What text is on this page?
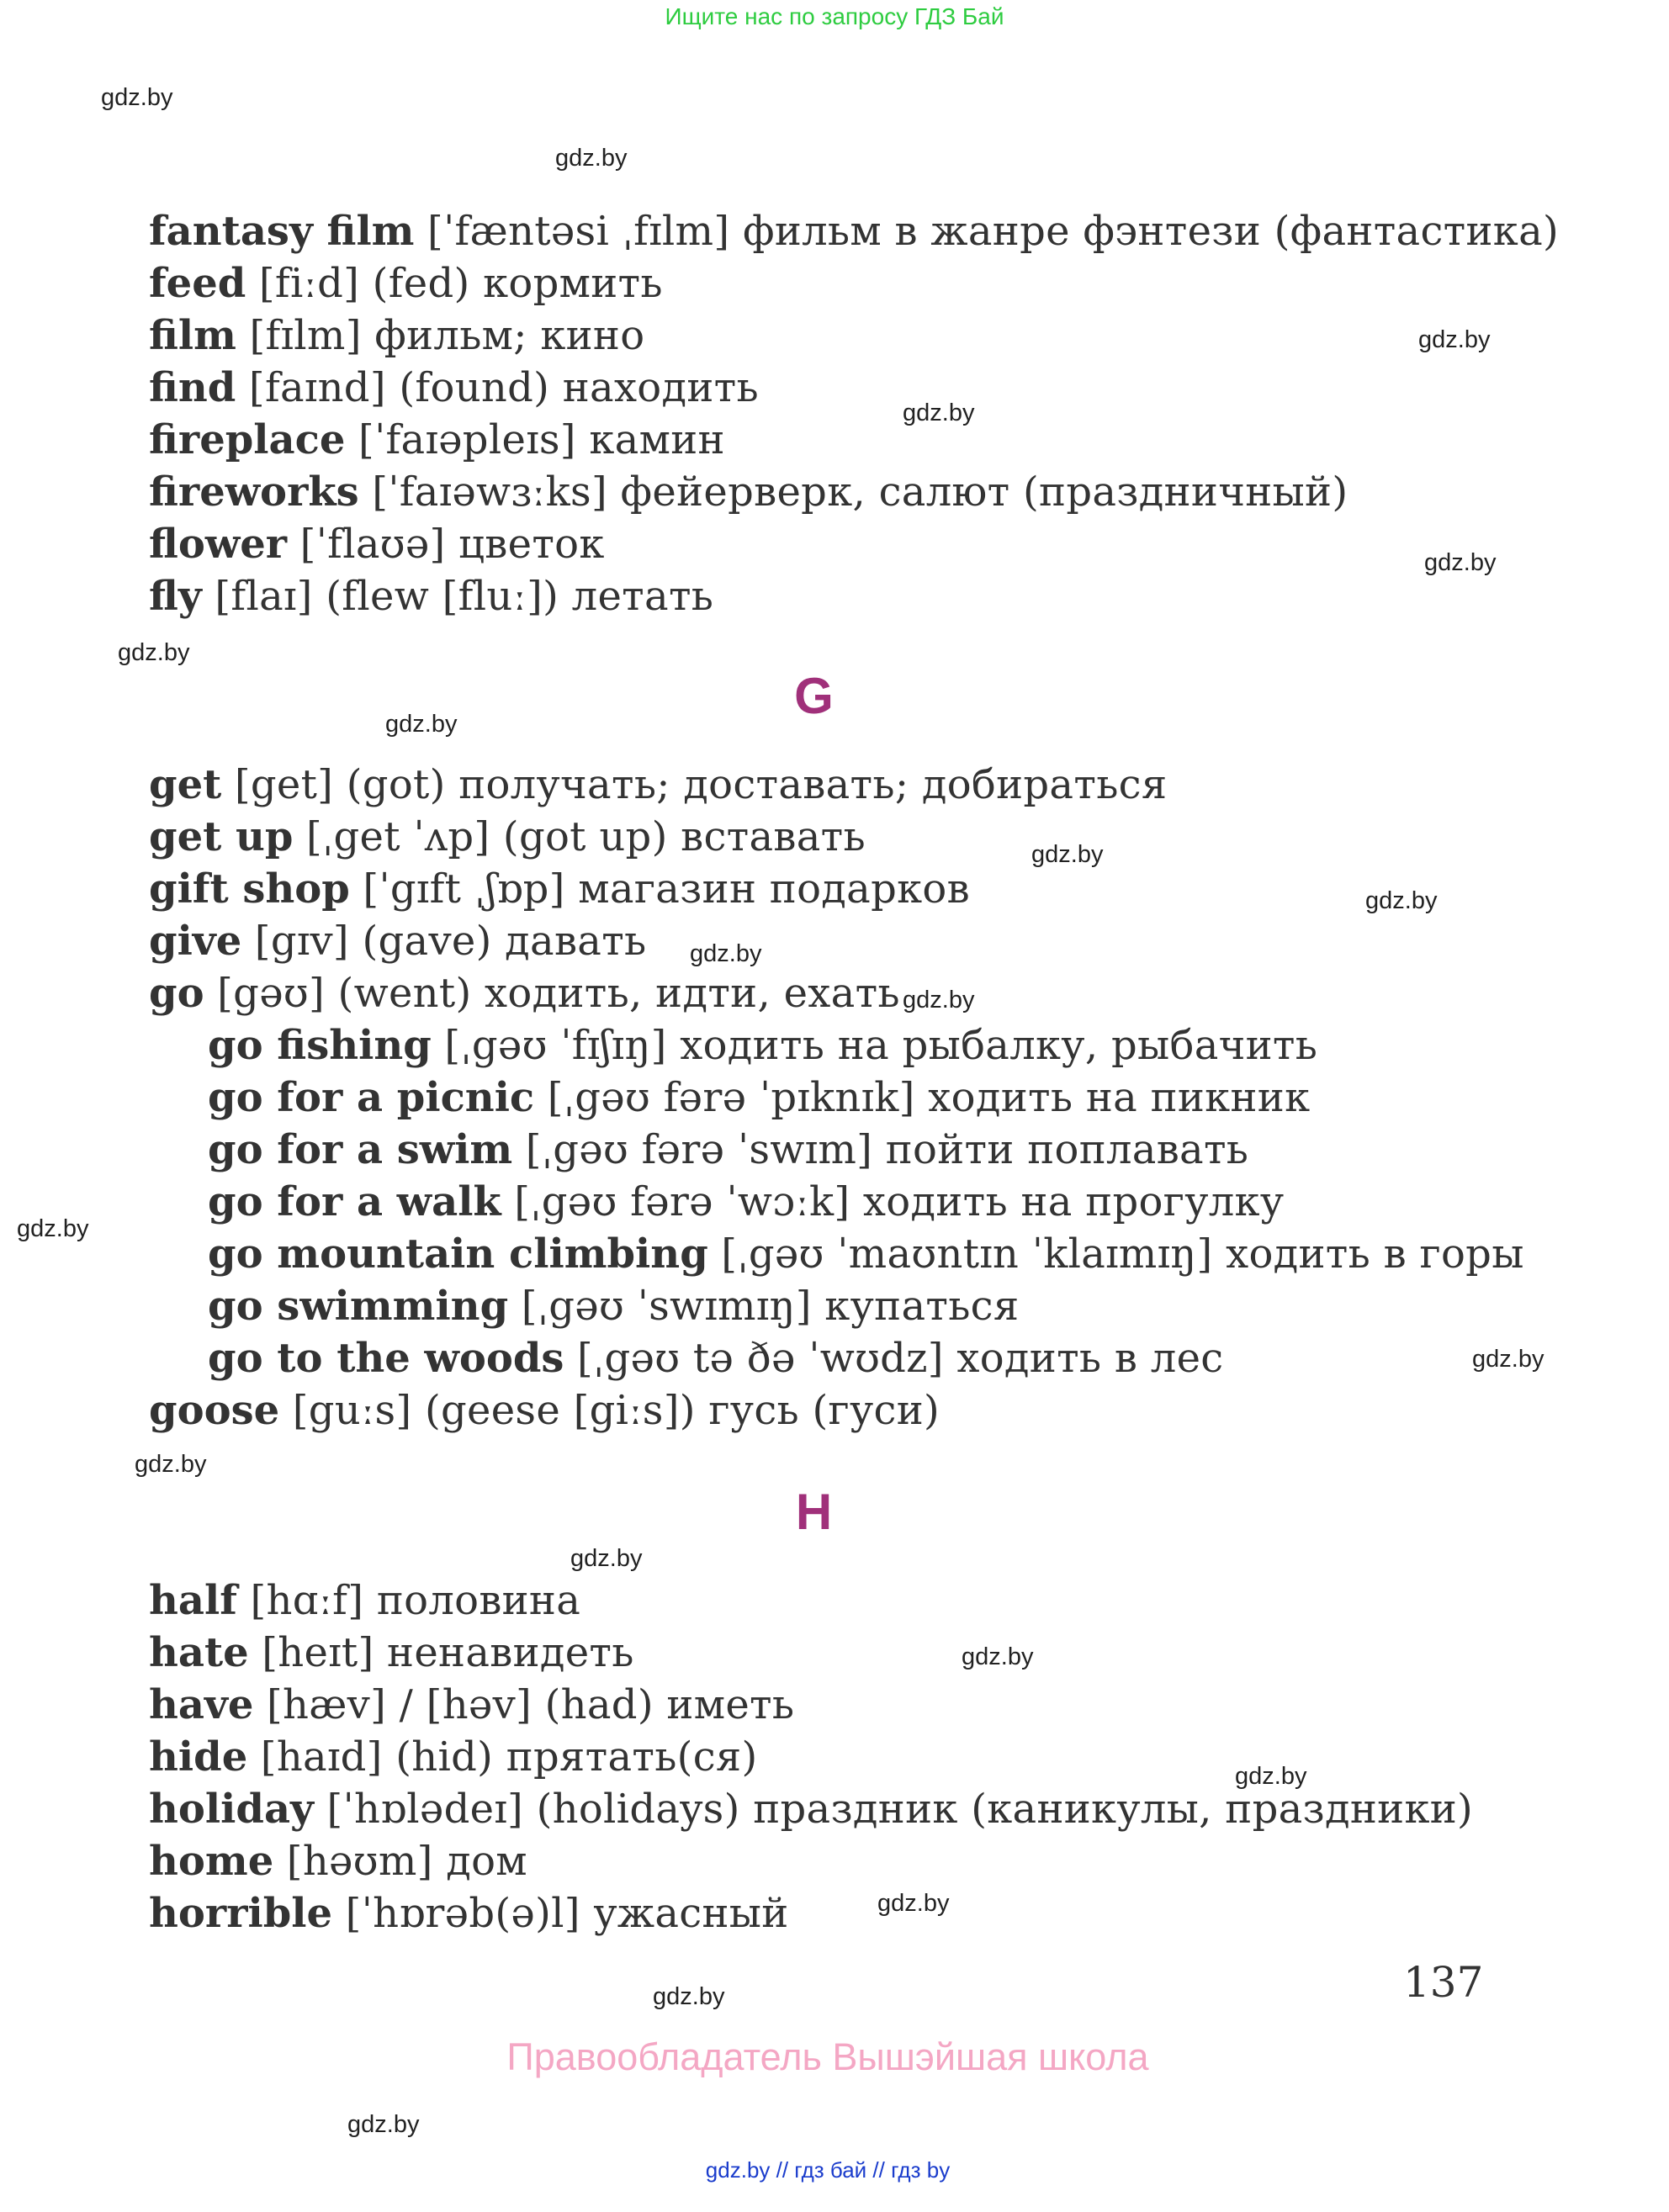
Ищите нас по запросу ГДЗ Бай
gdz.by
gdz.by
gdz.by
gdz.by
gdz.by
gdz.by
gdz.by
gdz.by
gdz.by
gdz.by
gdz.by
gdz.by
gdz.by
gdz.by
gdz.by
gdz.by
gdz.by
gdz.by
gdz.by
gdz.by
fantasy film [ˈfæntəsi ˌfɪlm] фильм в жанре фэнтези (фантастика)
feed [fiːd] (fed) кормить
film [fɪlm] фильм; кино
find [faɪnd] (found) находить
fireplace [ˈfaɪəpleɪs] камин
fireworks [ˈfaɪəwɜːks] фейерверк, салют (праздничный)
flower [ˈflaʊə] цветок
fly [flaɪ] (flew [fluː]) летать
G
get [get] (got) получать; доставать; добираться
get up [ˌget ˈʌp] (got up) вставать
gift shop [ˈgɪft ˌʃɒp] магазин подарков
give [gɪv] (gave) давать
go [gəʊ] (went) ходить, идти, ехать
go fishing [ˌgəʊ ˈfɪʃɪŋ] ходить на рыбалку, рыбачить
go for a picnic [ˌgəʊ fərə ˈpɪknɪk] ходить на пикник
go for a swim [ˌgəʊ fərə ˈswɪm] пойти поплавать
go for a walk [ˌgəʊ fərə ˈwɔːk] ходить на прогулку
go mountain climbing [ˌgəʊ ˈmaʊntɪn ˈklaɪmɪŋ] ходить в горы
go swimming [ˌgəʊ ˈswɪmɪŋ] купаться
go to the woods [ˌgəʊ tə ðə ˈwʊdz] ходить в лес
goose [guːs] (geese [giːs]) гусь (гуси)
H
half [hɑːf] половина
hate [heɪt] ненавидеть
have [hæv] / [həv] (had) иметь
hide [haɪd] (hid) прятать(ся)
holiday [ˈhɒlədeɪ] (holidays) праздник (каникулы, праздники)
home [həʊm] дом
horrible [ˈhɒrəb(ə)l] ужасный
137
Правообладатель Вышэйшая школа
gdz.by // гдз бай // гдз by
